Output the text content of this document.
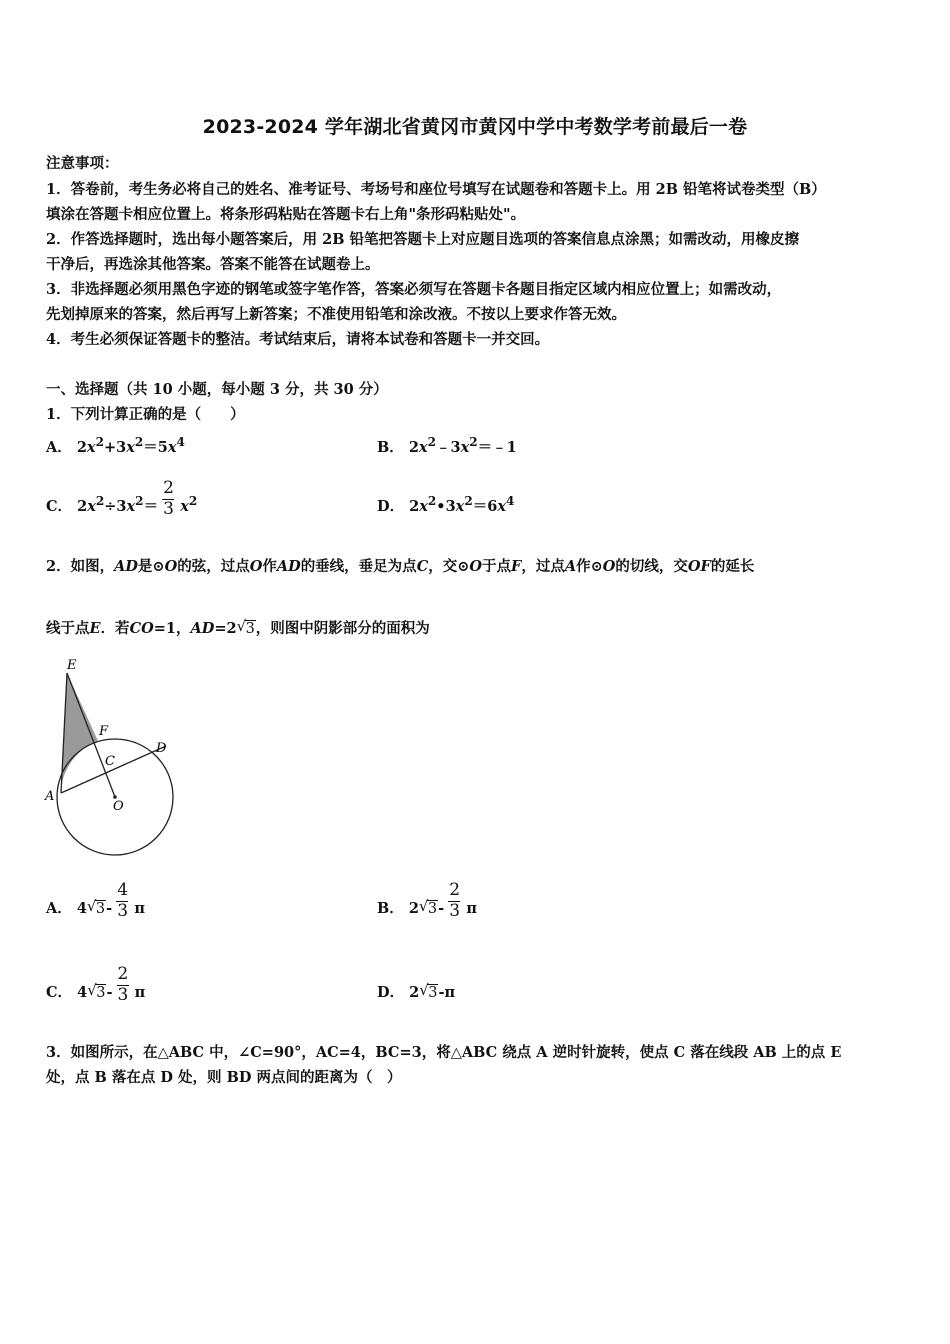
2023-2024 学年湖北省黄冈市黄冈中学中考数学考前最后一卷
注意事项：
1．答卷前，考生务必将自己的姓名、准考证号、考场号和座位号填写在试题卷和答题卡上。用 2B 铅笔将试卷类型（B）
填涂在答题卡相应位置上。将条形码粘贴在答题卡右上角"条形码粘贴处"。
2．作答选择题时，选出每小题答案后，用 2B 铅笔把答题卡上对应题目选项的答案信息点涂黑；如需改动，用橡皮擦
干净后，再选涂其他答案。答案不能答在试题卷上。
3．非选择题必须用黑色字迹的钢笔或签字笔作答，答案必须写在答题卡各题目指定区域内相应位置上；如需改动，
先划掉原来的答案，然后再写上新答案；不准使用铅笔和涂改液。不按以上要求作答无效。
4．考生必须保证答题卡的整洁。考试结束后，请将本试卷和答题卡一并交回。
一、选择题（共 10 小题，每小题 3 分，共 30 分）
1．下列计算正确的是（　　）
A． $2x^2+3x^2=5x^4$	B． $2x^2﹣3x^2=﹣1$
C． $2x^2\div 3x^2= \frac{2}{3} x^2$	D． $2x^2•3x^2=6x^4$
2．如图，AD是⊙O的弦，过点O作AD的垂线，垂足为点C，交⊙O于点F，过点A作⊙O的切线，交OF的延长
线于点E．若CO=1，AD=2 √ 3，则图中阴影部分的面积为
E
F
C
D
A
O
A． 4 √ $3- \frac{4}{3}$ π	B． 2 √ $3- \frac{2}{3}$ π
C． 4 √ $3- \frac{2}{3}$ π	D． 2 √ 3-π
3．如图所示，在△ABC 中，∠C=90°，AC=4，BC=3，将△ABC 绕点 A 逆时针旋转，使点 C 落在线段 AB 上的点 E
处，点 B 落在点 D 处，则 BD 两点间的距离为（　）
